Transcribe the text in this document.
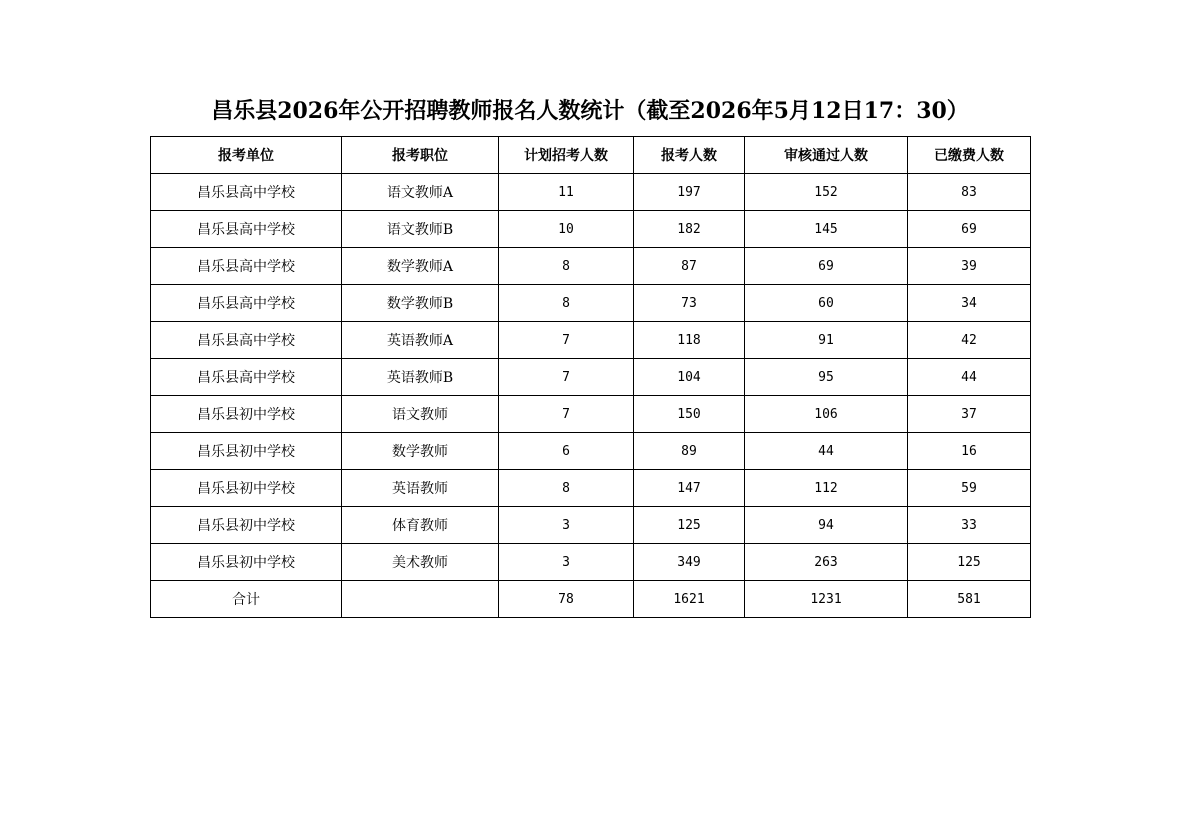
昌乐县2026年公开招聘教师报名人数统计（截至2026年5月12日17：30）
报考单位	报考职位	计划招考人数	报考人数	审核通过人数	已缴费人数
昌乐县高中学校	语文教师A	11	197	152	83
昌乐县高中学校	语文教师B	10	182	145	69
昌乐县高中学校	数学教师A	8	87	69	39
昌乐县高中学校	数学教师B	8	73	60	34
昌乐县高中学校	英语教师A	7	118	91	42
昌乐县高中学校	英语教师B	7	104	95	44
昌乐县初中学校	语文教师	7	150	106	37
昌乐县初中学校	数学教师	6	89	44	16
昌乐县初中学校	英语教师	8	147	112	59
昌乐县初中学校	体育教师	3	125	94	33
昌乐县初中学校	美术教师	3	349	263	125
合计		78	1621	1231	581
